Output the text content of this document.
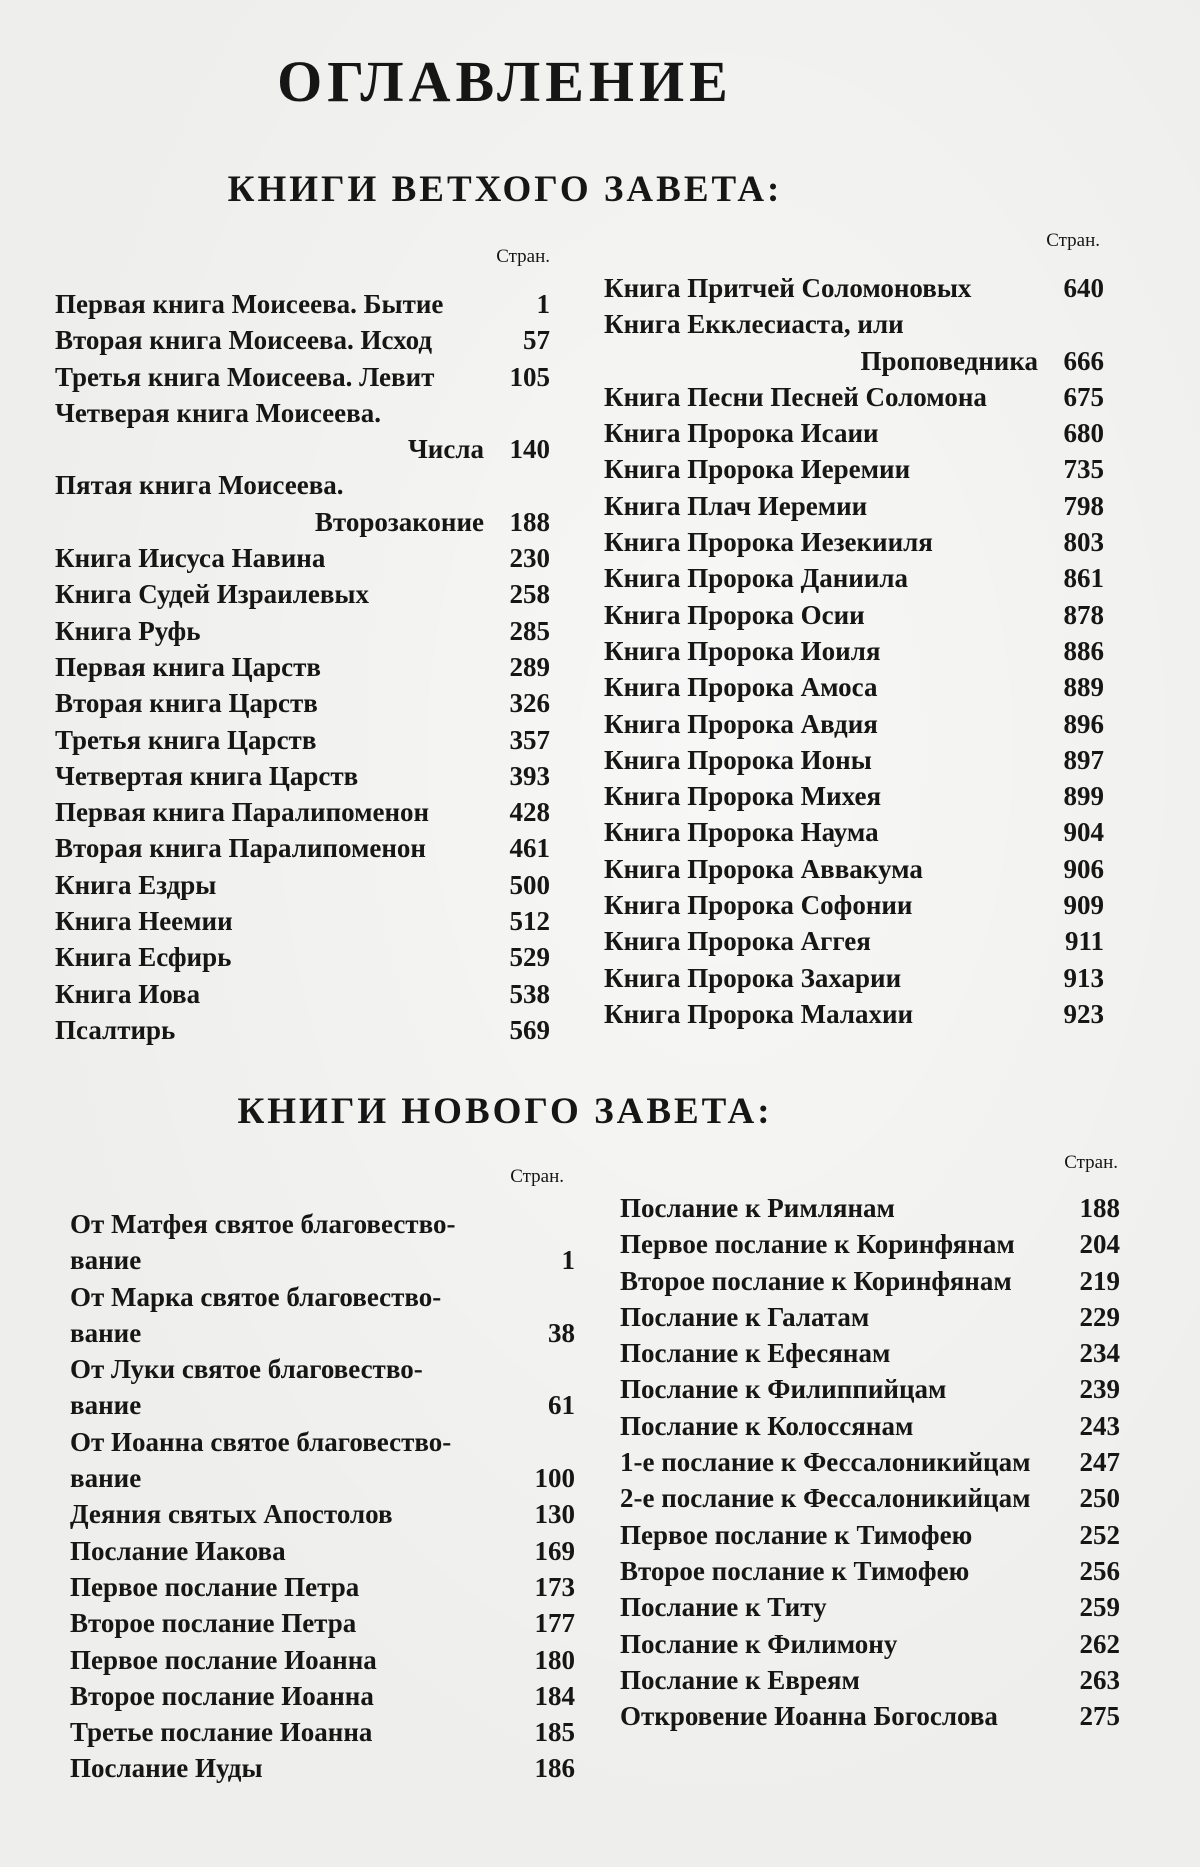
ОГЛАВЛЕНИЕ
КНИГИ ВЕТХОГО ЗАВЕТА:
Стран.
Стран.
Первая книга Моисеева. Бытие	1
Вторая книга Моисеева. Исход	57
Третья книга Моисеева. Левит	105
Четверая книга Моисеева.
Числа 140
Пятая книга Моисеева.
Второзаконие 188
Книга Иисуса Навина	230
Книга Судей Израилевых	258
Книга Руфь	285
Первая книга Царств	289
Вторая книга Царств	326
Третья книга Царств	357
Четвертая книга Царств	393
Первая книга Паралипоменон	428
Вторая книга Паралипоменон	461
Книга Ездры	500
Книга Неемии	512
Книга Есфирь	529
Книга Иова	538
Псалтирь	569
Книга Притчей Соломоновых	640
Книга Екклесиаста, или
Проповедника 666
Книга Песни Песней Соломона	675
Книга Пророка Исаии	680
Книга Пророка Иеремии	735
Книга Плач Иеремии	798
Книга Пророка Иезекииля	803
Книга Пророка Даниила	861
Книга Пророка Осии	878
Книга Пророка Иоиля	886
Книга Пророка Амоса	889
Книга Пророка Авдия	896
Книга Пророка Ионы	897
Книга Пророка Михея	899
Книга Пророка Наума	904
Книга Пророка Аввакума	906
Книга Пророка Софонии	909
Книга Пророка Аггея	911
Книга Пророка Захарии	913
Книга Пророка Малахии	923
КНИГИ НОВОГО ЗАВЕТА:
Стран.
Стран.
От Матфея святое благовество-
вание	1
От Марка святое благовество-
вание	38
От Луки святое благовество-
вание	61
От Иоанна святое благовество-
вание	100
Деяния святых Апостолов	130
Послание Иакова	169
Первое послание Петра	173
Второе послание Петра	177
Первое послание Иоанна	180
Второе послание Иоанна	184
Третье послание Иоанна	185
Послание Иуды	186
Послание к Римлянам	188
Первое послание к Коринфянам	204
Второе послание к Коринфянам	219
Послание к Галатам	229
Послание к Ефесянам	234
Послание к Филиппийцам	239
Послание к Колоссянам	243
1-е послание к Фессалоникийцам	247
2-е послание к Фессалоникийцам	250
Первое послание к Тимофею	252
Второе послание к Тимофею	256
Послание к Титу	259
Послание к Филимону	262
Послание к Евреям	263
Откровение Иоанна Богослова	275
